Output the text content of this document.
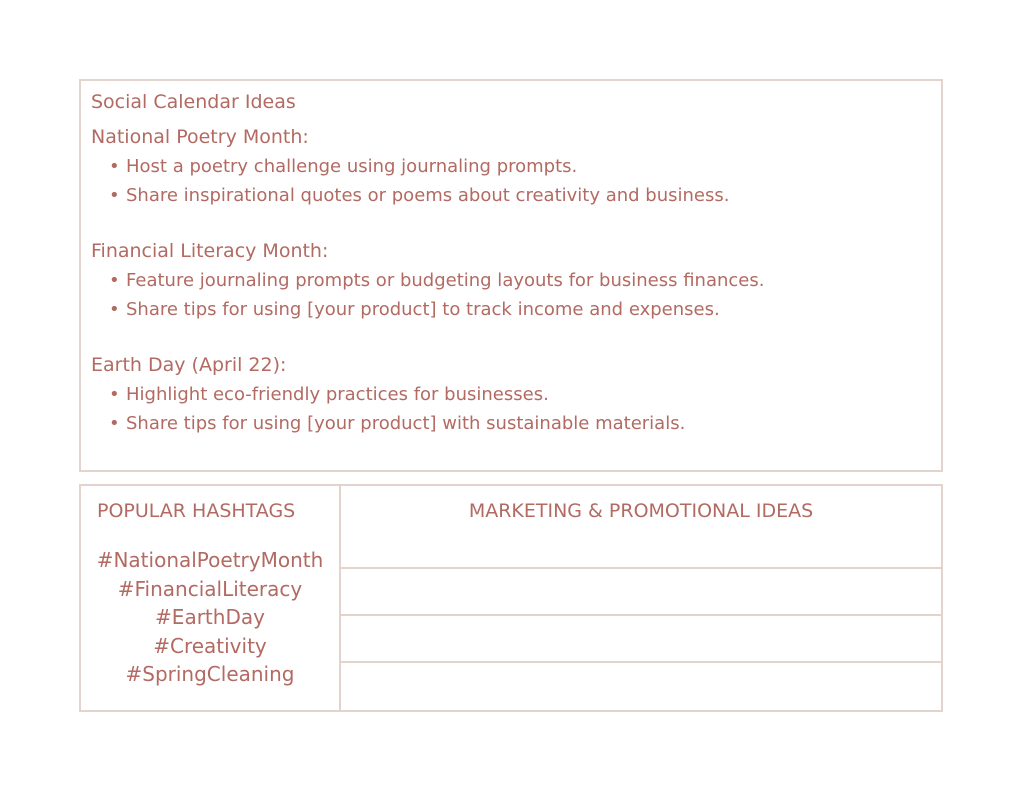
Social Calendar Ideas
National Poetry Month:
• Host a poetry challenge using journaling prompts.
• Share inspirational quotes or poems about creativity and business.
Financial Literacy Month:
• Feature journaling prompts or budgeting layouts for business finances.
• Share tips for using [your product] to track income and expenses.
Earth Day (April 22):
• Highlight eco-friendly practices for businesses.
• Share tips for using [your product] with sustainable materials.
POPULAR HASHTAGS
#NationalPoetryMonth
#FinancialLiteracy
#EarthDay
#Creativity
#SpringCleaning
MARKETING & PROMOTIONAL IDEAS
